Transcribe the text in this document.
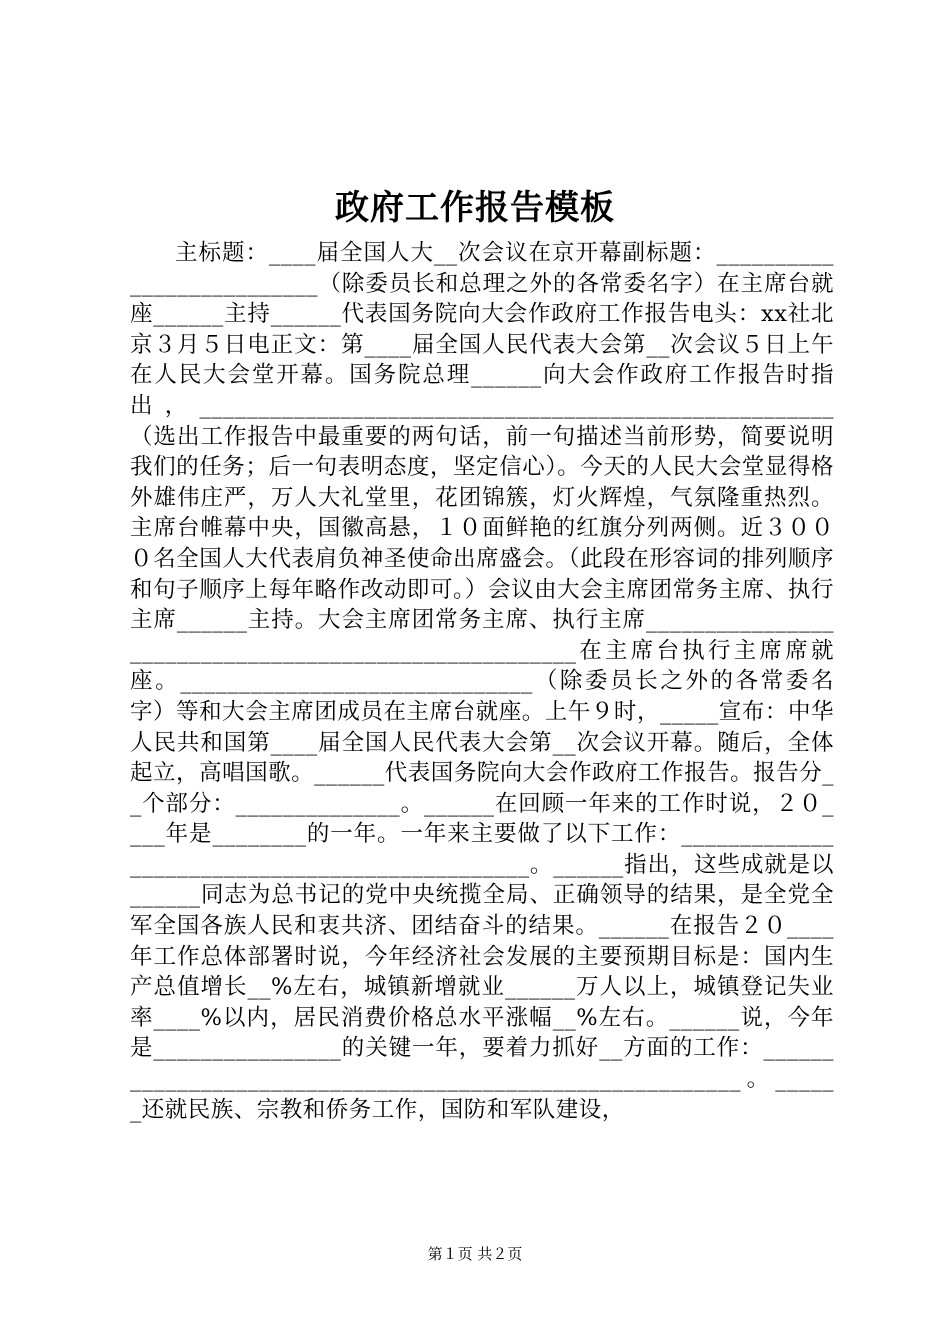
政府工作报告模板

主标题：____届全国人大__次会议在京开幕副标题：__________________________（除委员长和总理之外的各常委名字）在主席台就座______主持______代表国务院向大会作政府工作报告电头：xx社北京３月５日电正文：第____届全国人民代表大会第__次会议５日上午在人民大会堂开幕。国务院总理______向大会作政府工作报告时指出，______________________________________________________（选出工作报告中最重要的两句话，前一句描述当前形势，简要说明我们的任务；后一句表明态度，坚定信心）。今天的人民大会堂显得格外雄伟庄严，万人大礼堂里，花团锦簇，灯火辉煌，气氛隆重热烈。主席台帷幕中央，国徽高悬，１０面鲜艳的红旗分列两侧。近３０００名全国人大代表肩负神圣使命出席盛会。（此段在形容词的排列顺序和句子顺序上每年略作改动即可。）会议由大会主席团常务主席、执行主席______主持。大会主席团常务主席、执行主席______________________________________________________在主席台执行主席席就座。______________________________（除委员长之外的各常委名字）等和大会主席团成员在主席台就座。上午９时，_____宣布：中华人民共和国第____届全国人民代表大会第__次会议开幕。随后，全体起立，高唱国歌。______代表国务院向大会作政府工作报告。报告分__个部分：______________。______在回顾一年来的工作时说，２０____年是________的一年。一年来主要做了以下工作：_______________________________________________。______指出，这些成就是以______同志为总书记的党中央统揽全局、正确领导的结果，是全党全军全国各族人民和衷共济、团结奋斗的结果。______在报告２０____年工作总体部署时说，今年经济社会发展的主要预期目标是：国内生产总值增长__%左右，城镇新增就业______万人以上，城镇登记失业率____%以内，居民消费价格总水平涨幅__%左右。______说，今年是________________的关键一年，要着力抓好__方面的工作：__________________________________________________________。______还就民族、宗教和侨务工作，国防和军队建设，

第１页 共２页
